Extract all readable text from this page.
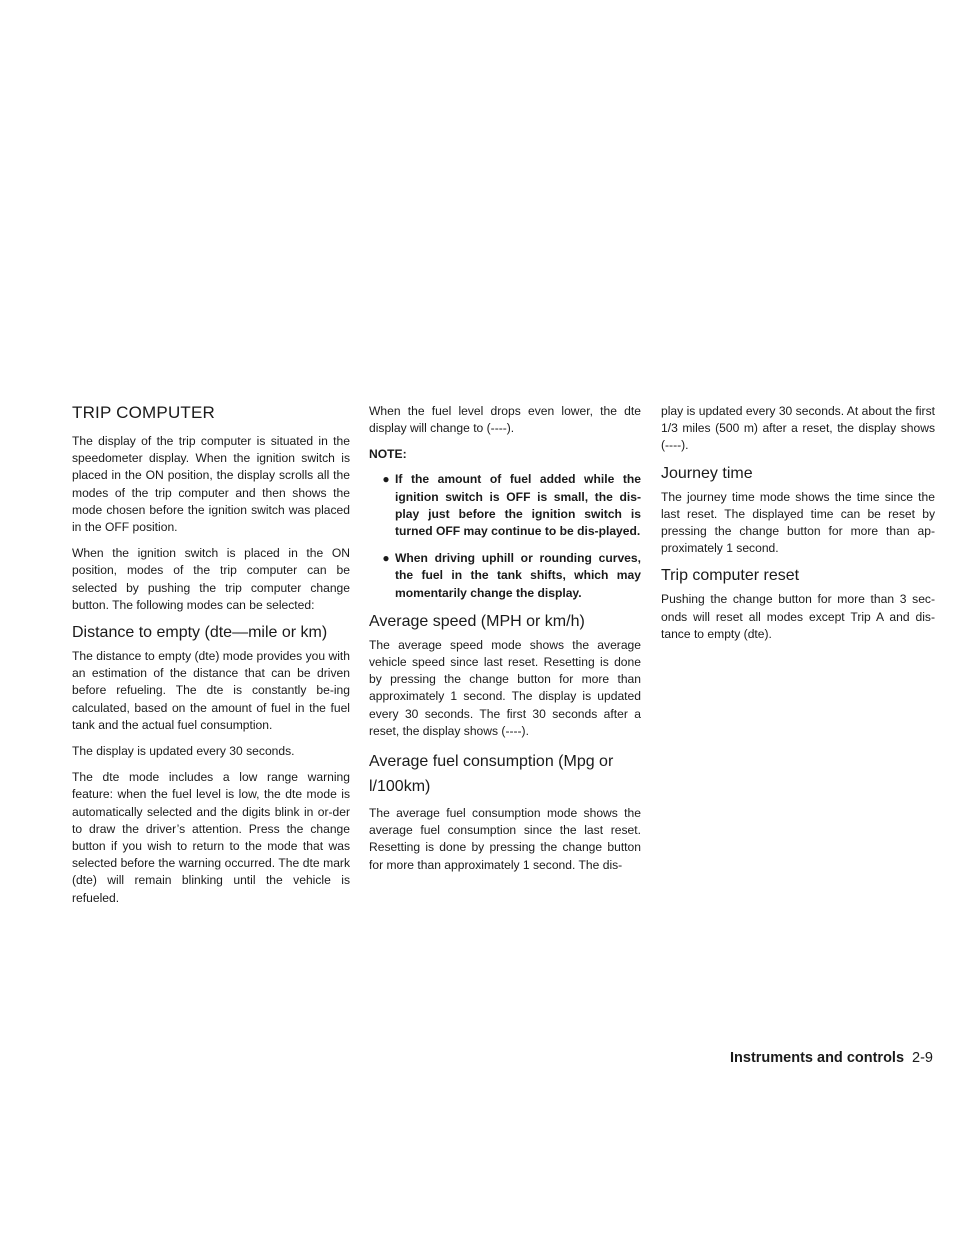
TRIP COMPUTER

The display of the trip computer is situated in the speedometer display. When the ignition switch is placed in the ON position, the display scrolls all the modes of the trip computer and then shows the mode chosen before the ignition switch was placed in the OFF position.

When the ignition switch is placed in the ON position, modes of the trip computer can be selected by pushing the trip computer change button. The following modes can be selected:

Distance to empty (dte—mile or km)

The distance to empty (dte) mode provides you with an estimation of the distance that can be driven before refueling. The dte is constantly be-ing calculated, based on the amount of fuel in the fuel tank and the actual fuel consumption.

The display is updated every 30 seconds.

The dte mode includes a low range warning feature: when the fuel level is low, the dte mode is automatically selected and the digits blink in or-der to draw the driver’s attention. Press the change button if you wish to return to the mode that was selected before the warning occurred. The dte mark (dte) will remain blinking until the vehicle is refueled.

When the fuel level drops even lower, the dte display will change to (----).

NOTE:
● If the amount of fuel added while the ignition switch is OFF is small, the dis-play just before the ignition switch is turned OFF may continue to be dis-played.
● When driving uphill or rounding curves, the fuel in the tank shifts, which may momentarily change the display.
Average speed (MPH or km/h)

The average speed mode shows the average vehicle speed since last reset. Resetting is done by pressing the change button for more than approximately 1 second. The display is updated every 30 seconds. The first 30 seconds after a reset, the display shows (----).

Average fuel consumption (Mpg or
l/100km)

The average fuel consumption mode shows the average fuel consumption since the last reset. Resetting is done by pressing the change button for more than approximately 1 second. The dis-

play is updated every 30 seconds. At about the first 1/3 miles (500 m) after a reset, the display shows (----).

Journey time

The journey time mode shows the time since the last reset. The displayed time can be reset by pressing the change button for more than ap-proximately 1 second.

Trip computer reset

Pushing the change button for more than 3 sec-onds will reset all modes except Trip A and dis-tance to empty (dte).

Instruments and controls 2-9
